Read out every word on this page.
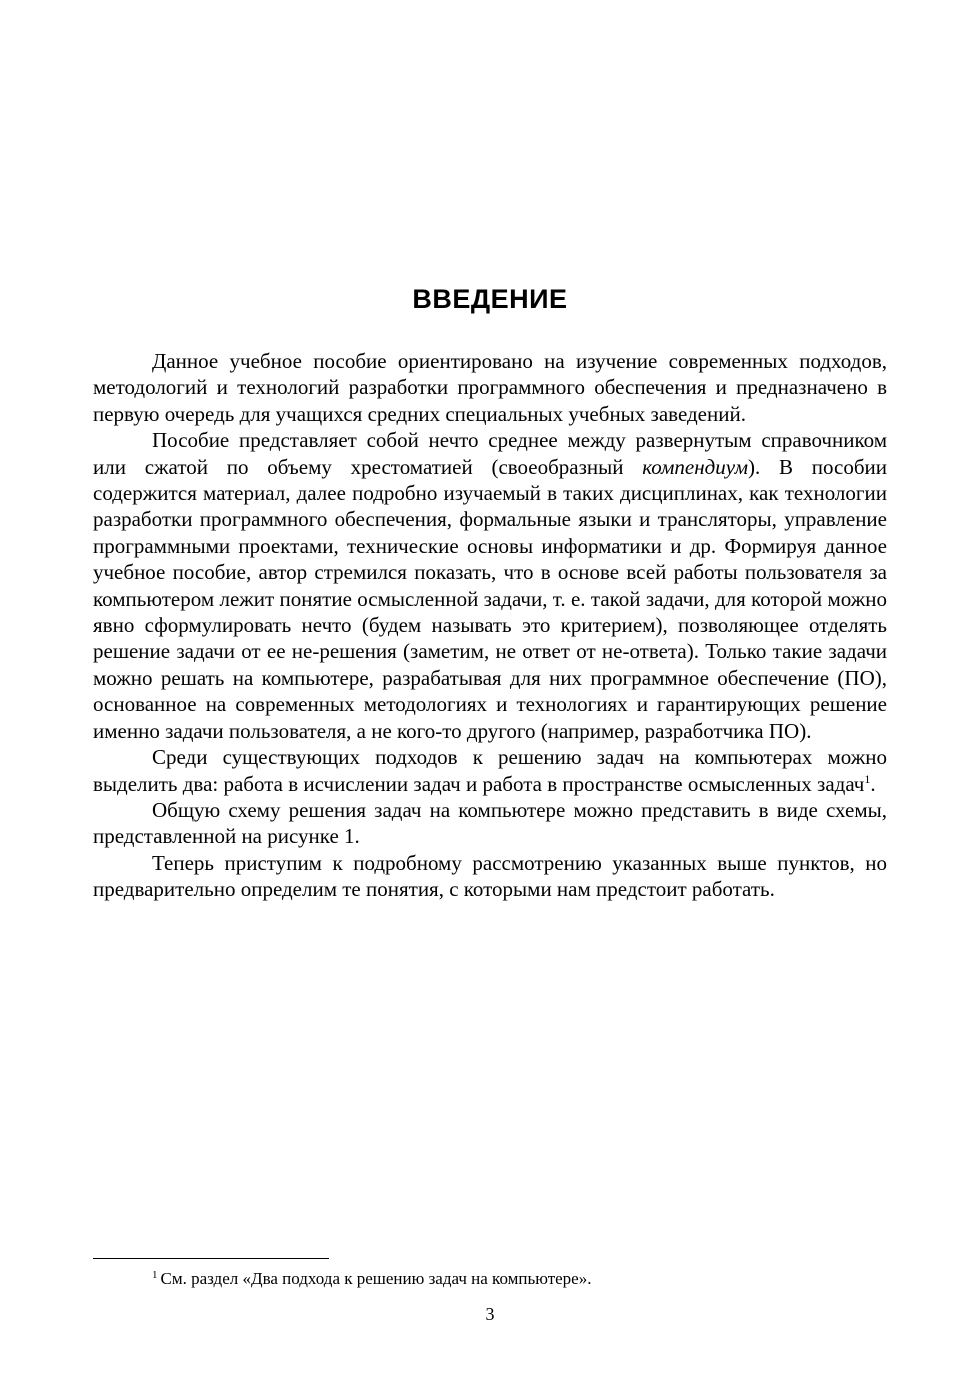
ВВЕДЕНИЕ

Данное учебное пособие ориентировано на изучение современных подходов, методологий и технологий разработки программного обеспечения и предназначено в первую очередь для учащихся средних специальных учебных заведений.

Пособие представляет собой нечто среднее между развернутым справочником или сжатой по объему хрестоматией (своеобразный компендиум). В пособии содержится материал, далее подробно изучаемый в таких дисциплинах, как технологии разработки программного обеспечения, формальные языки и трансляторы, управление программными проектами, технические основы информатики и др. Формируя данное учебное пособие, автор стремился показать, что в основе всей работы пользователя за компьютером лежит понятие осмысленной задачи, т. е. такой задачи, для которой можно явно сформулировать нечто (будем называть это критерием), позволяющее отделять решение задачи от ее не-решения (заметим, не ответ от не-ответа). Только такие задачи можно решать на компьютере, разрабатывая для них программное обеспечение (ПО), основанное на современных методологиях и технологиях и гарантирующих решение именно задачи пользователя, а не кого-то другого (например, разработчика ПО).

Среди существующих подходов к решению задач на компьютерах можно выделить два: работа в исчислении задач и работа в пространстве осмысленных задач$^1$.

Общую схему решения задач на компьютере можно представить в виде схемы, представленной на рисунке 1.

Теперь приступим к подробному рассмотрению указанных выше пунктов, но предварительно определим те понятия, с которыми нам предстоит работать.

$^1$ См. раздел «Два подхода к решению задач на компьютере».

3
